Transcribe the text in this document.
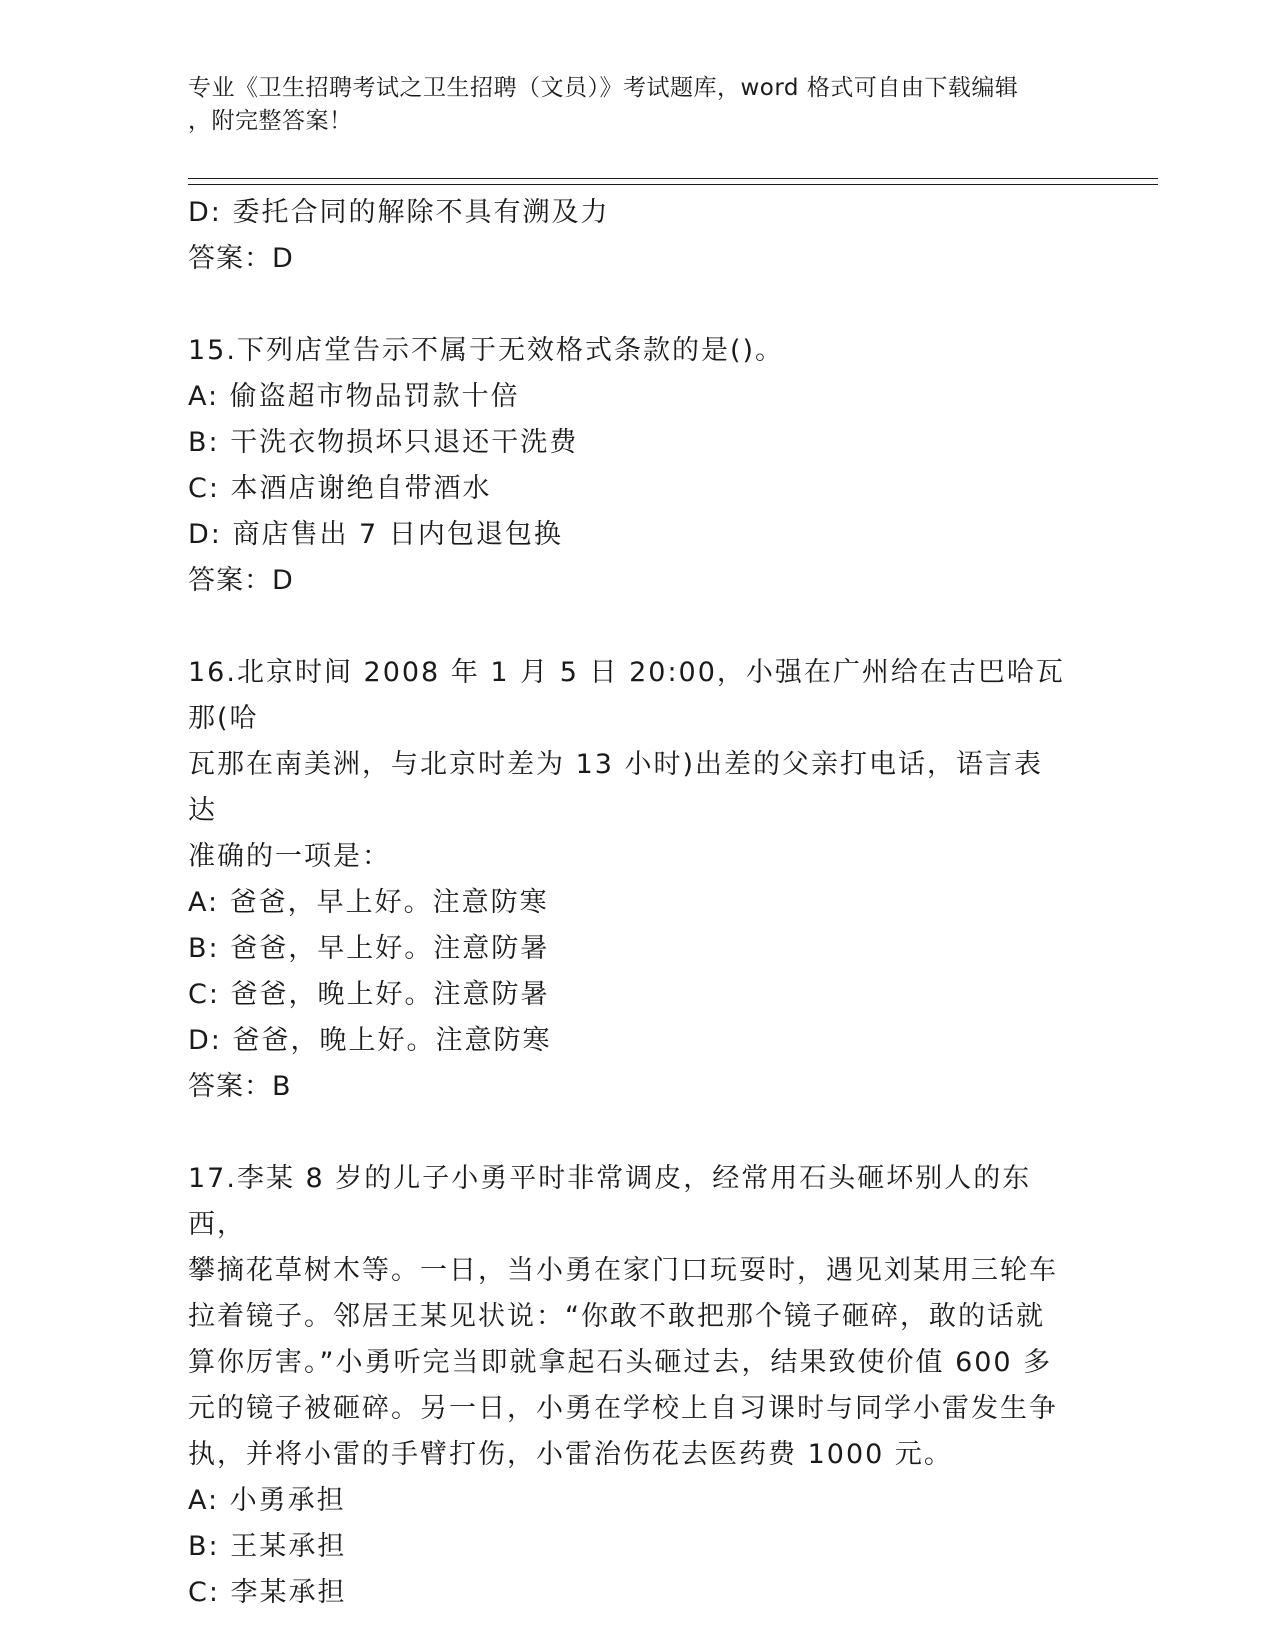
专业《卫生招聘考试之卫生招聘（文员）》考试题库，word 格式可自由下载编辑
，附完整答案！
D: 委托合同的解除不具有溯及力
答案：D
15.下列店堂告示不属于无效格式条款的是()。
A: 偷盗超市物品罚款十倍
B: 干洗衣物损坏只退还干洗费
C: 本酒店谢绝自带酒水
D: 商店售出 7 日内包退包换
答案：D
16.北京时间 2008 年 1 月 5 日 20:00，小强在广州给在古巴哈瓦那(哈
瓦那在南美洲，与北京时差为 13 小时)出差的父亲打电话，语言表达
准确的一项是：
A: 爸爸，早上好。注意防寒
B: 爸爸，早上好。注意防暑
C: 爸爸，晚上好。注意防暑
D: 爸爸，晚上好。注意防寒
答案：B
17.李某 8 岁的儿子小勇平时非常调皮，经常用石头砸坏别人的东西，
攀摘花草树木等。一日，当小勇在家门口玩耍时，遇见刘某用三轮车
拉着镜子。邻居王某见状说：“你敢不敢把那个镜子砸碎，敢的话就
算你厉害。”小勇听完当即就拿起石头砸过去，结果致使价值 600 多
元的镜子被砸碎。另一日，小勇在学校上自习课时与同学小雷发生争
执，并将小雷的手臂打伤，小雷治伤花去医药费 1000 元。
A: 小勇承担
B: 王某承担
C: 李某承担
